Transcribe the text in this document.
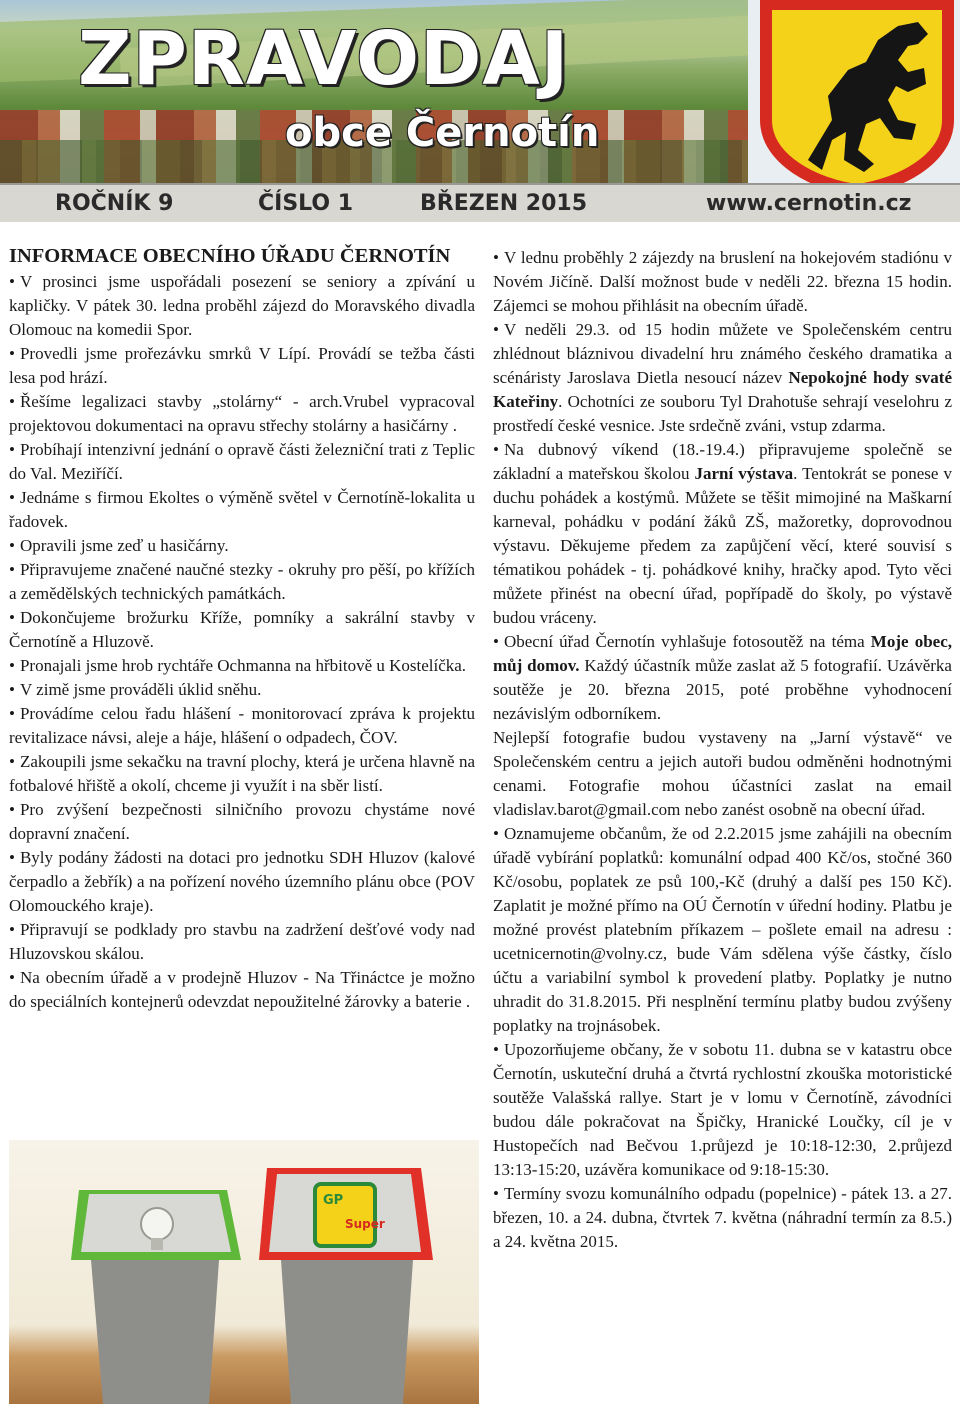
ZPRAVODAJ
obce Černotín
ROČNÍK 9	ČÍSLO 1	BŘEZEN 2015	www.cernotin.cz
INFORMACE OBECNÍHO ÚŘADU ČERNOTÍN

• V prosinci jsme uspořádali posezení se seniory a zpívání u kapličky. V pátek 30. ledna proběhl zájezd do Moravského divadla Olomouc na komedii Spor.

• Provedli jsme prořezávku smrků V Lípí. Provádí se težba části lesa pod hrází.

• Řešíme legalizaci stavby „stolárny“ - arch.Vrubel vypracoval projektovou dokumentaci na opravu střechy stolárny a hasičárny .

• Probíhají intenzivní jednání o opravě části železniční trati z Teplic do Val. Meziříčí.

• Jednáme s firmou Ekoltes o výměně světel v Černotíně-lokalita u řadovek.

• Opravili jsme zeď u hasičárny.

• Připravujeme značené naučné stezky - okruhy pro pěší, po křížích a zemědělských technických památkách.

• Dokončujeme brožurku Kříže, pomníky a sakrální stavby v Černotíně a Hluzově.

• Pronajali jsme hrob rychtáře Ochmanna na hřbitově u Kostelíčka.

• V zimě jsme prováděli úklid sněhu.

• Provádíme celou řadu hlášení - monitorovací zpráva k projektu revitalizace návsi, aleje a háje, hlášení o odpadech, ČOV.

• Zakoupili jsme sekačku na travní plochy, která je určena hlavně na fotbalové hřiště a okolí, chceme ji využít i na sběr listí.

• Pro zvýšení bezpečnosti silničního provozu chystáme nové dopravní značení.

• Byly podány žádosti na dotaci pro jednotku SDH Hluzov (kalové čerpadlo a žebřík) a na pořízení nového územního plánu obce (POV Olomouckého kraje).

• Připravují se podklady pro stavbu na zadržení dešťové vody nad Hluzovskou skálou.

• Na obecním úřadě a v prodejně Hluzov - Na Třináctce je možno do speciálních kontejnerů odevzdat nepoužitelné žárovky a baterie .

GP
Super

• V lednu proběhly 2 zájezdy na bruslení na hokejovém stadiónu v Novém Jičíně. Další možnost bude v neděli 22. března 15 hodin. Zájemci se mohou přihlásit na obecním úřadě.

• V neděli 29.3. od 15 hodin můžete ve Společenském centru zhlédnout bláznivou divadelní hru známého českého dramatika a scénáristy Jaroslava Dietla nesoucí název Nepokojné hody svaté Kateřiny. Ochotníci ze souboru Tyl Drahotuše sehrají veselohru z prostředí české vesnice. Jste srdečně zváni, vstup zdarma.

• Na dubnový víkend (18.-19.4.) připravujeme společně se základní a mateřskou školou Jarní výstava. Tentokrát se ponese v duchu pohádek a kostýmů. Můžete se těšit mimojiné na Maškarní karneval, pohádku v podání žáků ZŠ, mažoretky, doprovodnou výstavu. Děkujeme předem za zapůjčení věcí, které souvisí s tématikou pohádek - tj. pohádkové knihy, hračky apod. Tyto věci můžete přinést na obecní úřad, popřípadě do školy, po výstavě budou vráceny.

• Obecní úřad Černotín vyhlašuje fotosoutěž na téma Moje obec, můj domov. Každý účastník může zaslat až 5 fotografií. Uzávěrka soutěže je 20. března 2015, poté proběhne vyhodnocení nezávislým odborníkem.

Nejlepší fotografie budou vystaveny na „Jarní výstavě“ ve Společenském centru a jejich autoři budou odměněni hodnotnými cenami. Fotografie mohou účastníci zaslat na email vladislav.barot@gmail.com nebo zanést osobně na obecní úřad.

• Oznamujeme občanům, že od 2.2.2015 jsme zahájili na obecním úřadě vybírání poplatků: komunální odpad 400 Kč/os, stočné 360 Kč/osobu, poplatek ze psů 100,-Kč (druhý a další pes 150 Kč). Zaplatit je možné přímo na OÚ Černotín v úřední hodiny. Platbu je možné provést platebním příkazem – pošlete email na adresu : ucetnicernotin@volny.cz, bude Vám sdělena výše částky, číslo účtu a variabilní symbol k provedení platby. Poplatky je nutno uhradit do 31.8.2015. Při nesplnění termínu platby budou zvýšeny poplatky na trojnásobek.

• Upozorňujeme občany, že v sobotu 11. dubna se v katastru obce Černotín, uskuteční druhá a čtvrtá rychlostní zkouška motoristické soutěže Valašská rallye. Start je v lomu v Černotíně, závodníci budou dále pokračovat na Špičky, Hranické Loučky, cíl je v Hustopečích nad Bečvou 1.průjezd je 10:18-12:30, 2.průjezd 13:13-15:20, uzávěra komunikace od 9:18-15:30.

• Termíny svozu komunálního odpadu (popelnice) - pátek 13. a 27. březen, 10. a 24. dubna, čtvrtek 7. května (náhradní termín za 8.5.) a 24. května 2015.
